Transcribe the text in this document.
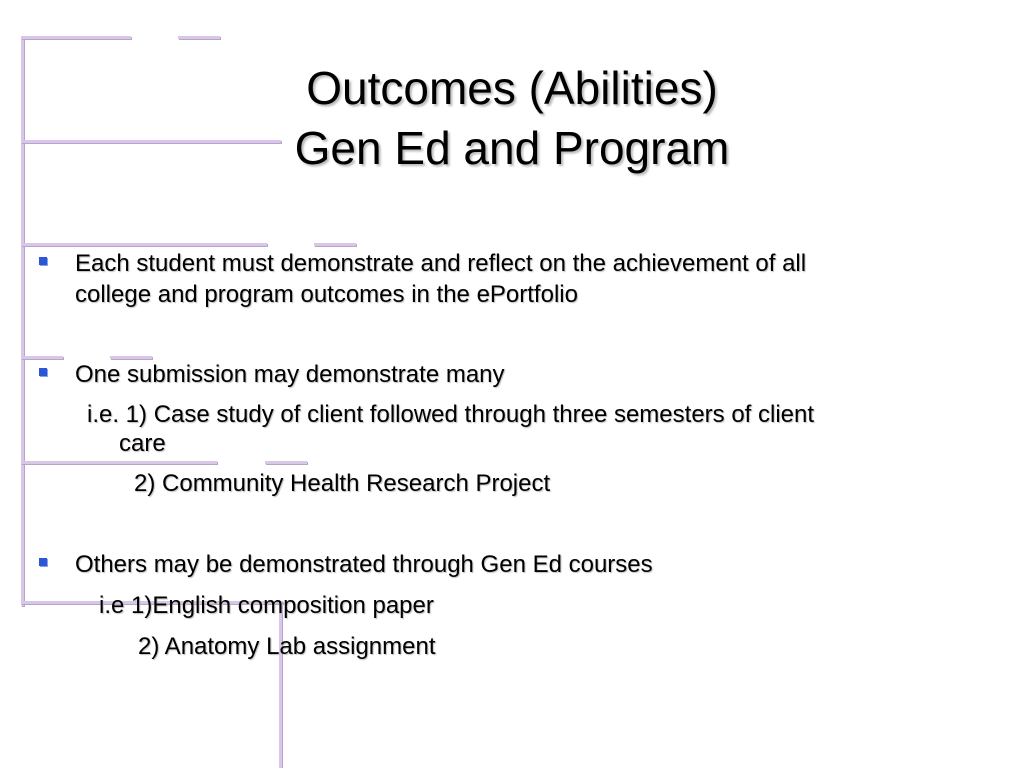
Outcomes (Abilities)
Gen Ed and Program
Each student must demonstrate and reflect on the achievement of all
college and program outcomes in the ePortfolio
One submission may demonstrate many
i.e. 1) Case study of client followed through three semesters of client
care
2) Community Health Research Project
Others may be demonstrated through Gen Ed courses
i.e 1)English composition paper
2) Anatomy Lab assignment
